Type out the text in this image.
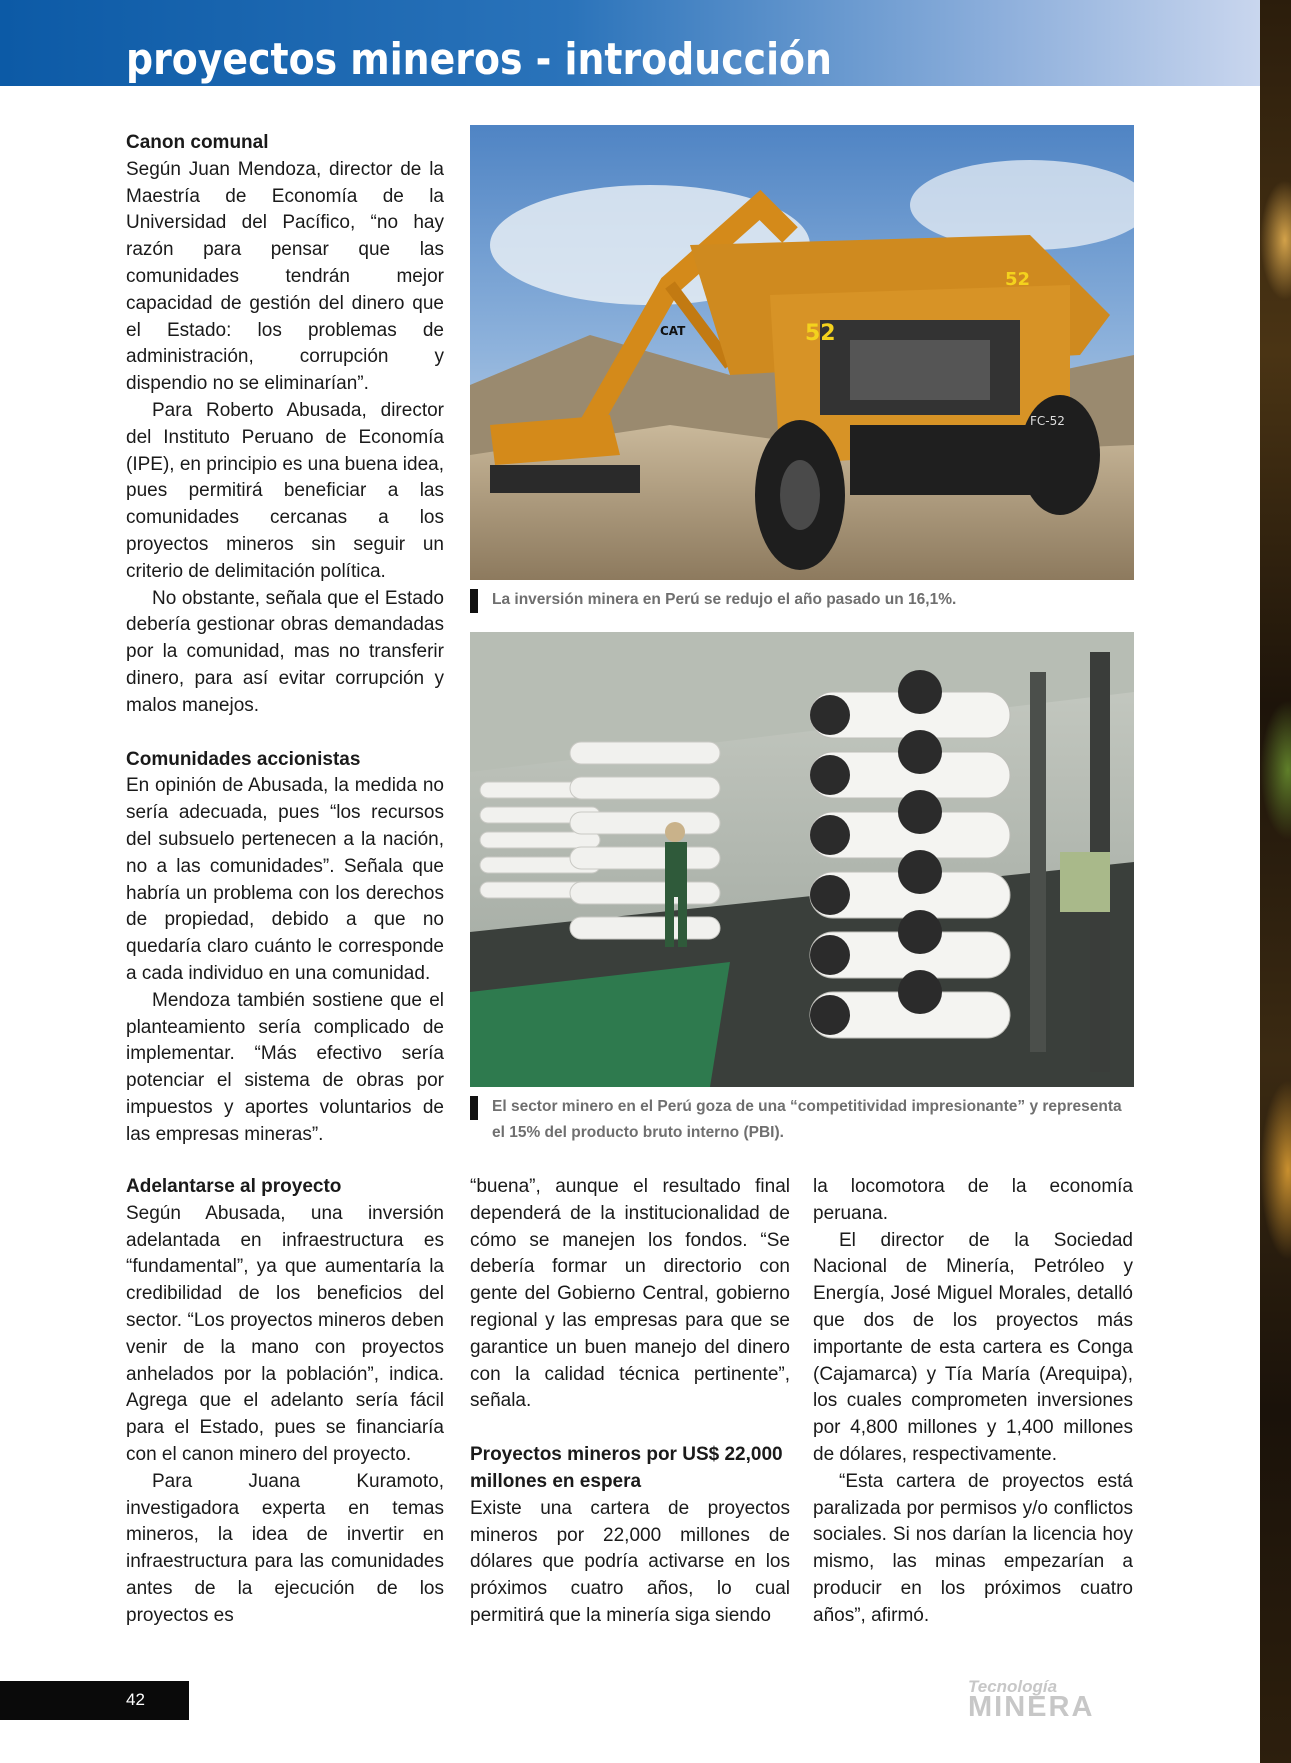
proyectos mineros - introducción
Canon comunal

Según Juan Mendoza, director de la Maestría de Economía de la Universidad del Pacífico, “no hay razón para pensar que las comunidades tendrán mejor capacidad de gestión del dinero que el Estado: los problemas de administración, corrupción y dispendio no se eliminarían”.

Para Roberto Abusada, director del Instituto Peruano de Economía (IPE), en principio es una buena idea, pues permitirá beneficiar a las comunidades cercanas a los proyectos mineros sin seguir un criterio de delimitación política.

No obstante, señala que el Estado debería gestionar obras demandadas por la comunidad, mas no transferir dinero, para así evitar corrupción y malos manejos.

Comunidades accionistas

En opinión de Abusada, la medida no sería adecuada, pues “los recursos del subsuelo pertenecen a la nación, no a las comunidades”. Señala que habría un problema con los derechos de propiedad, debido a que no quedaría claro cuánto le corresponde a cada individuo en una comunidad.

Mendoza también sostiene que el planteamiento sería complicado de implementar. “Más efectivo sería potenciar el sistema de obras por impuestos y aportes voluntarios de las empresas mineras”.

52
52
CAT
FC-52
La inversión minera en Perú se redujo el año pasado un 16,1%.
El sector minero en el Perú goza de una “competitividad impresionante” y representa el 15% del producto bruto interno (PBI).
Adelantarse al proyecto

Según Abusada, una inversión adelantada en infraestructura es “fundamental”, ya que aumentaría la credibilidad de los beneficios del sector. “Los proyectos mineros deben venir de la mano con proyectos anhelados por la población”, indica. Agrega que el adelanto sería fácil para el Estado, pues se financiaría con el canon minero del proyecto.

Para Juana Kuramoto, investigadora experta en temas mineros, la idea de invertir en infraestructura para las comunidades antes de la ejecución de los proyectos es

“buena”, aunque el resultado final dependerá de la institucionalidad de cómo se manejen los fondos. “Se debería formar un directorio con gente del Gobierno Central, gobierno regional y las empresas para que se garantice un buen manejo del dinero con la calidad técnica pertinente”, señala.

Proyectos mineros por US$ 22,000 millones en espera

Existe una cartera de proyectos mineros por 22,000 millones de dólares que podría activarse en los próximos cuatro años, lo cual permitirá que la minería siga siendo

la locomotora de la economía peruana.

El director de la Sociedad Nacional de Minería, Petróleo y Energía, José Miguel Morales, detalló que dos de los proyectos más importante de esta cartera es Conga (Cajamarca) y Tía María (Arequipa), los cuales comprometen inversiones por 4,800 millones y 1,400 millones de dólares, respectivamente.

“Esta cartera de proyectos está paralizada por permisos y/o conflictos sociales. Si nos darían la licencia hoy mismo, las minas empezarían a producir en los próximos cuatro años”, afirmó.

42
Tecnología
MINERA
